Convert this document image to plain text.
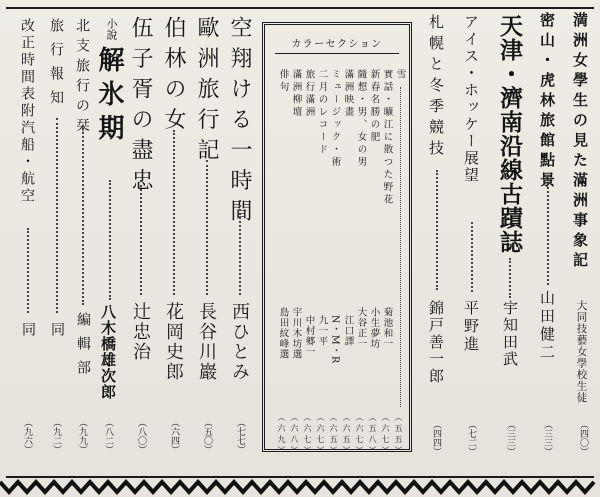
満洲女學生の見た滿洲事象記
大同技藝女學校生徒
（四〇）
密山・虎林旅館點景
山田健二
（三三）
天津・濟南沿線古蹟誌
宇知田武
（三三）
アイス・ホッケー展望
平野進
（七二）
札幌と冬季競技
錦戸善一郎
（四四）
カラーセクション
雪
（五五）
實話・曠江に散つた野花
菊池和一
（六七）
新春名勝の肥
小生夢坊
（五八）
隨想・男、女の男
大谷正一
（六七）
滿洲映畫
江口譯
（六五）
ミュージック・術
N・M・R
（六五）
二月のレコード
九一平
（六七）
旅行滿洲
中村郷一
（六七）
滿洲柳壇
宇川木坊選
（六八）
俳句
島田紋峰選
（六九）
空翔ける一時間
西ひとみ
（七七）
歐洲旅行記
長谷川巖
（五〇）
伯林の女
花岡史郎
（六四）
伍子胥の盡忠
辻忠治
（八〇）
小說
解氷期
八木橋雄次郎
（八二）
北支旅行の栞
編輯部
（九九）
旅行報知
同
（九二）
改正時間表附汽船・航空
同
（九六）
